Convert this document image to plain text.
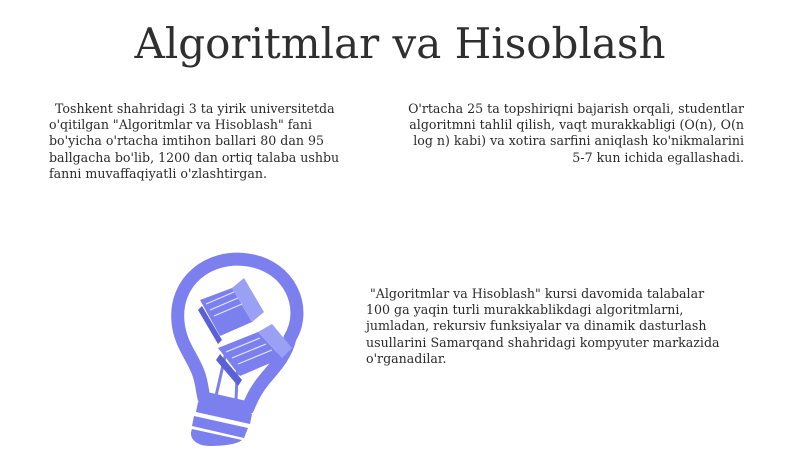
Algoritmlar va Hisoblash

Toshkent shahridagi 3 ta yirik universitetda o'qitilgan "Algoritmlar va Hisoblash" fani bo'yicha o'rtacha imtihon ballari 80 dan 95 ballgacha bo'lib, 1200 dan ortiq talaba ushbu fanni muvaffaqiyatli o'zlashtirgan.

O'rtacha 25 ta topshiriqni bajarish orqali, studentlar algoritmni tahlil qilish, vaqt murakkabligi (O(n), O(n log n) kabi) va xotira sarfini aniqlash ko'nikmalarini 5-7 kun ichida egallashadi.

"Algoritmlar va Hisoblash" kursi davomida talabalar 100 ga yaqin turli murakkablikdagi algoritmlarni, jumladan, rekursiv funksiyalar va dinamik dasturlash usullarini Samarqand shahridagi kompyuter markazida o'rganadilar.
